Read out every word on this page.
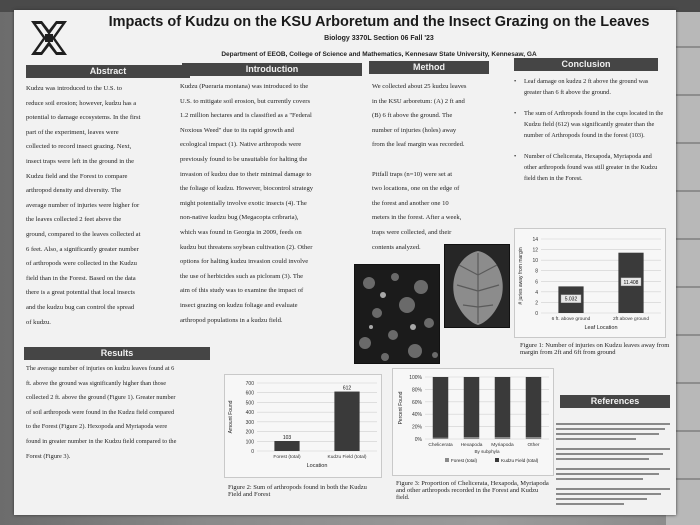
Impacts of Kudzu on the KSU Arboretum and the Insect Grazing on the Leaves
Biology 3370L Section 06 Fall '23
Department of EEOB, College of Science and Mathematics, Kennesaw State University, Kennesaw, GA
Abstract	Introduction	Method	Conclusion
Results
References
Kudzu was introduced to the U.S. to
reduce soil erosion; however, kudzu has a
potential to damage ecosystems. In the first
part of the experiment, leaves were
collected to record insect grazing. Next,
insect traps were left in the ground in the
Kudzu field and the Forest to compare
arthropod density and diversity. The
average number of injuries were higher for
the leaves collected 2 feet above the
ground, compared to the leaves collected at
6 feet. Also, a significantly greater number
of arthropods were collected in the Kudzu
field than in the Forest. Based on the data
there is a great potential that local insects
and the kudzu bug can control the spread
of kudzu.
Kudzu (Pueraria montana) was introduced to the
U.S. to mitigate soil erosion, but currently covers
1.2 million hectares and is classified as a "Federal
Noxious Weed" due to its rapid growth and
ecological impact (1). Native arthropods were
previously found to be unsuitable for halting the
invasion of kudzu due to their minimal damage to
the foliage of kudzu. However, biocontrol strategy
might potentially involve exotic insects (4). The
non-native kudzu bug (Megacopta cribraria),
which was found in Georgia in 2009, feeds on
kudzu but threatens soybean cultivation (2). Other
options for halting kudzu invasion could involve
the use of herbicides such as picloram (3). The
aim of this study was to examine the impact of
insect grazing on kudzu foliage and evaluate
arthropod populations in a kudzu field.
We collected about 25 kudzu leaves
in the KSU arboretum: (A) 2 ft and
(B) 6 ft above the ground. The
number of injuries (holes) away
from the leaf margin was recorded.

Pitfall traps (n=10) were set at
two locations, one on the edge of
the forest and another one 10
meters in the forest. After a week,
traps were collected, and their
contents analyzed.
• Leaf damage on kudzu 2 ft above the ground was greater than 6 ft above the ground.
• The sum of Arthropods found in the cups located in the Kudzu field (612) was significantly greater than the number of Arthropods found in the forest (103).
• Number of Chelicerata, Hexapoda, Myriapoda and other arthropods found was still greater in the Kudzu field then in the Forest.
0
2
4
6
8
10
12
14
5.032
6 ft. above ground
11.408
2ft above ground
Leaf Location
# juries away from margin
Figure 1: Number of injuries on Kudzu leaves away from margin from 2ft and 6ft from ground
The average number of injuries on kudzu leaves found at 6
ft. above the ground was significantly higher than those
collected 2 ft. above the ground (Figure 1). Greater number
of soil arthropods were found in the Kudzu field compared
to the Forest (Figure 2). Hexopoda and Myriapoda were
found in greater number in the Kudzu field compared to the
Forest (Figure 3).
0
100
200
300
400
500
600
700
103
Forest (total)
612
Kudzu Field (total)
Location
Amount Found
Figure 2: Sum of arthropods found in both the Kudzu Field and Forest
0%
20%
40%
60%
80%
100%
Chelicerata Hexapoda Myriapoda	Other
By subphyla
Percent Found
Forest (total)	Kudzu Field (total)
Figure 3: Proportion of Chelicerata, Hexapoda, Myriapoda and other arthropods recorded in the Forest and Kudzu field.
